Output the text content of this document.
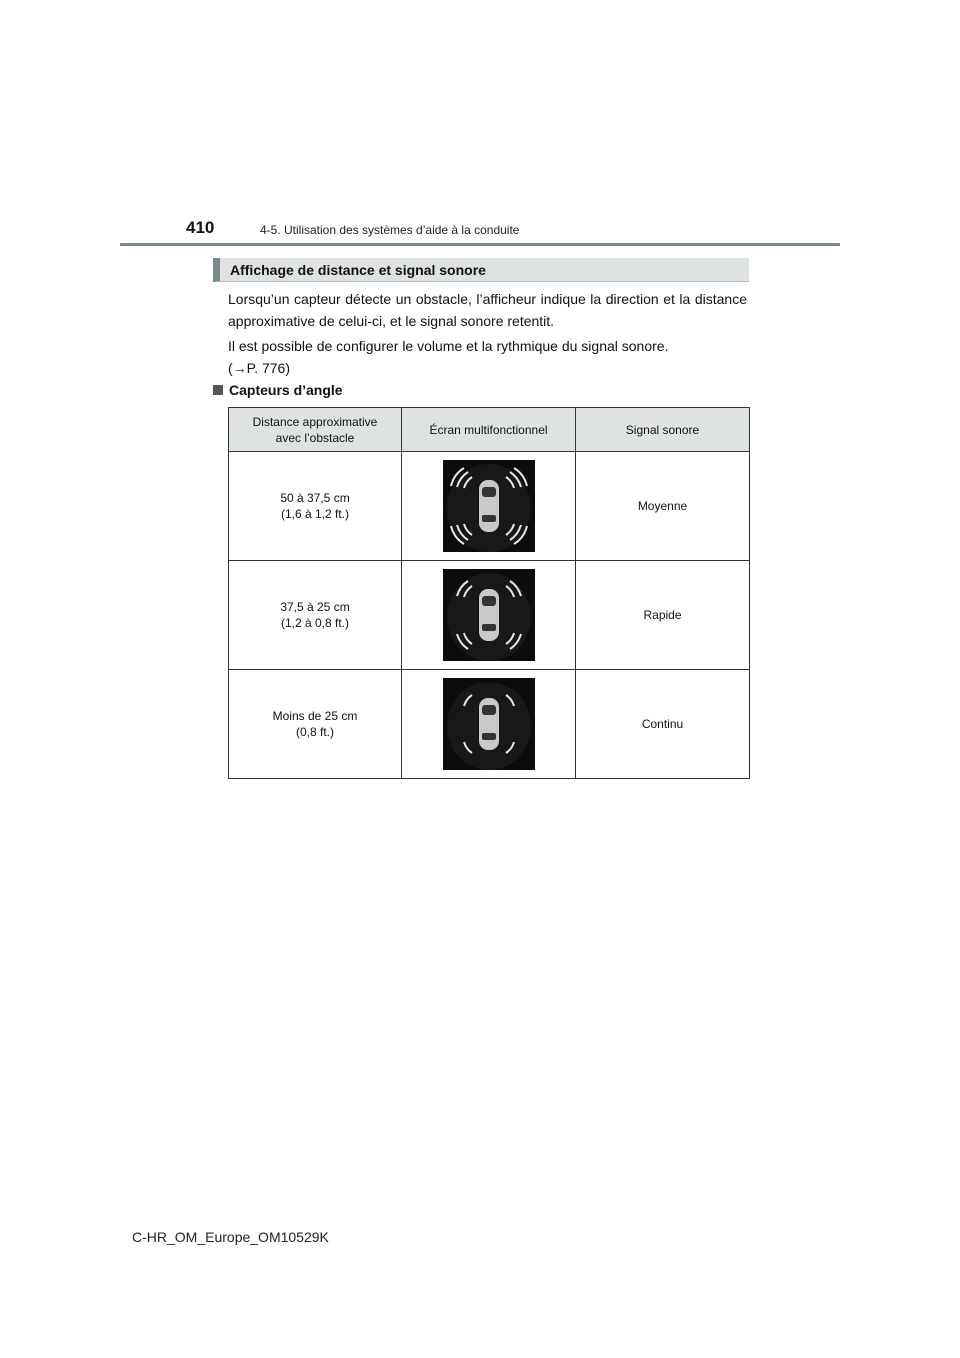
410	4-5. Utilisation des systèmes d’aide à la conduite
Affichage de distance et signal sonore
Lorsqu’un capteur détecte un obstacle, l’afficheur indique la direction et la distance approximative de celui-ci, et le signal sonore retentit.
Il est possible de configurer le volume et la rythmique du signal sonore.
(→P. 776)
Capteurs d’angle
Distance approximative avec l’obstacle	Écran multifonctionnel	Signal sonore

50 à 37,5 cm
(1,6 à 1,2 ft.)		Moyenne

37,5 à 25 cm
(1,2 à 0,8 ft.)		Rapide

Moins de 25 cm
(0,8 ft.)		Continu
C-HR_OM_Europe_OM10529K
